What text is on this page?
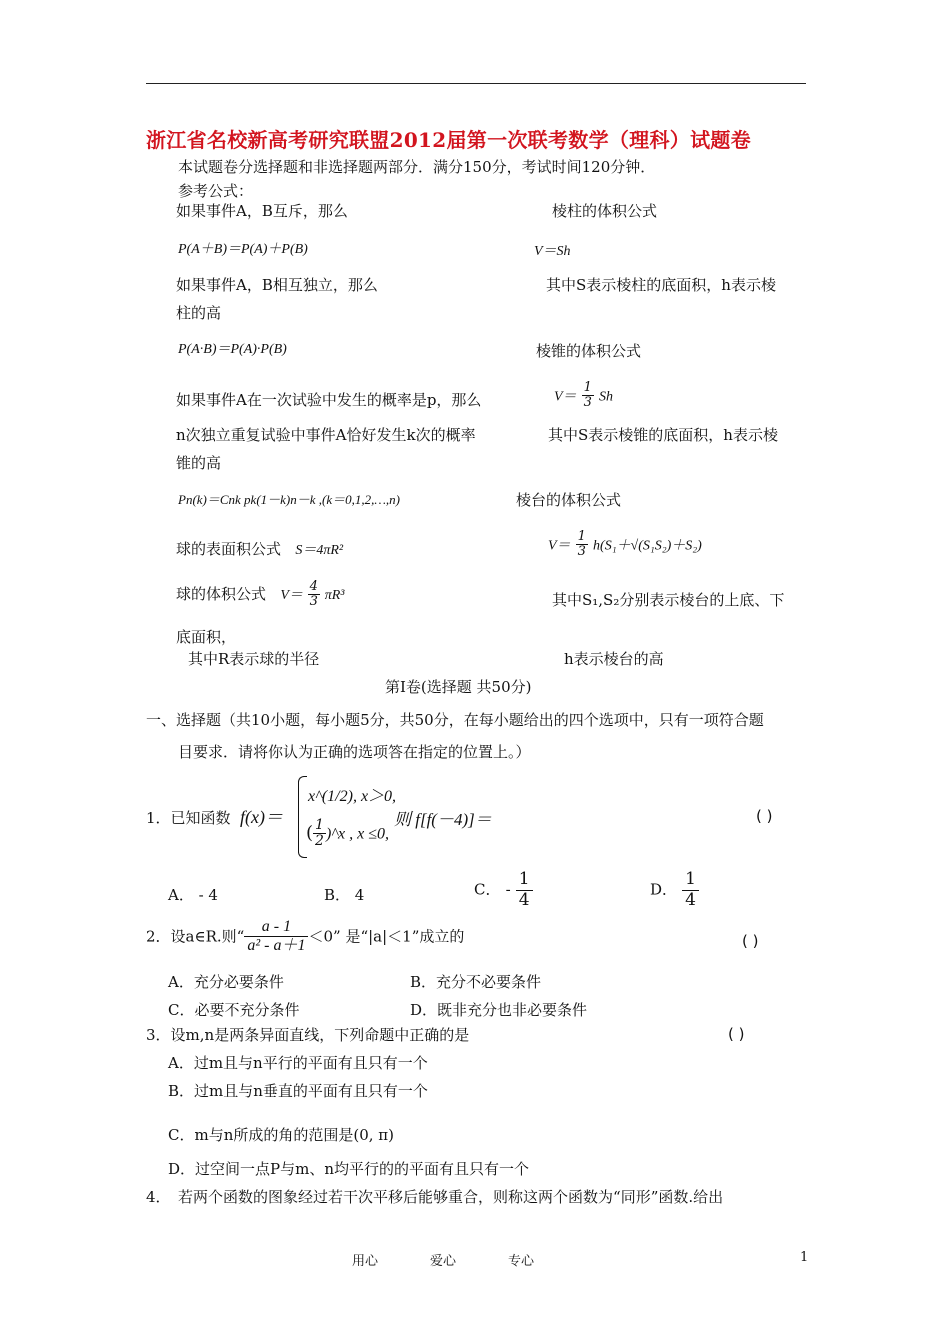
浙江省名校新高考研究联盟2012届第一次联考数学（理科）试题卷
本试题卷分选择题和非选择题两部分．满分150分，考试时间120分钟．
参考公式：
如果事件A，B互斥，那么
P(A＋B)＝P(A)＋P(B)
如果事件A，B相互独立，那么
P(A·B)＝P(A)·P(B)
如果事件A在一次试验中发生的概率是p，那么
n次独立重复试验中事件A恰好发生k次的概率
Pn(k)＝Cnk pk(1－k)n－k ,(k＝0,1,2,…,n)
球的表面积公式 S＝4πR²
球的体积公式 $V= \frac{4}{3} \pi R^3$
其中R表示球的半径
棱柱的体积公式
V＝Sh
其中S表示棱柱的底面积，h表示棱
柱的高
棱锥的体积公式
$V= \frac{1}{3}$ Sh
其中S表示棱锥的底面积，h表示棱
锥的高
棱台的体积公式
$V= \frac{1}{3} h(S_1+√(S_1S_2)+S_2)$
其中S₁,S₂分别表示棱台的上底、下
底面积，
h表示棱台的高
第Ⅰ卷(选择题 共50分)
一、选择题（共10小题，每小题5分，共50分，在每小题给出的四个选项中，只有一项符合题
目要求．请将你认为正确的选项答在指定的位置上。）
1．已知函数 f(x)＝
x^(1/2), x＞0,
( $\frac{1}{2}$ )^x , x ≤0,
则 f[f(－4)]＝	( )
A． - 4	B． 4	C． - $\frac{1}{4}$	D． $\frac{1}{4}$
2．设a∈R.则“ $\frac{a - 1}{\text{a² - a＋1}} <0$” 是“|a|＜1”成立的	( )
A．充分必要条件	B．充分不必要条件
C．必要不充分条件	D．既非充分也非必要条件
3．设m,n是两条异面直线，下列命题中正确的是	( )
A．过m且与n平行的平面有且只有一个
B．过m且与n垂直的平面有且只有一个
C．m与n所成的角的范围是(0, π)
D．过空间一点P与m、n均平行的的平面有且只有一个
4．　若两个函数的图象经过若干次平移后能够重合，则称这两个函数为“同形”函数.给出
用心　　　　爱心　　　　专心	1
